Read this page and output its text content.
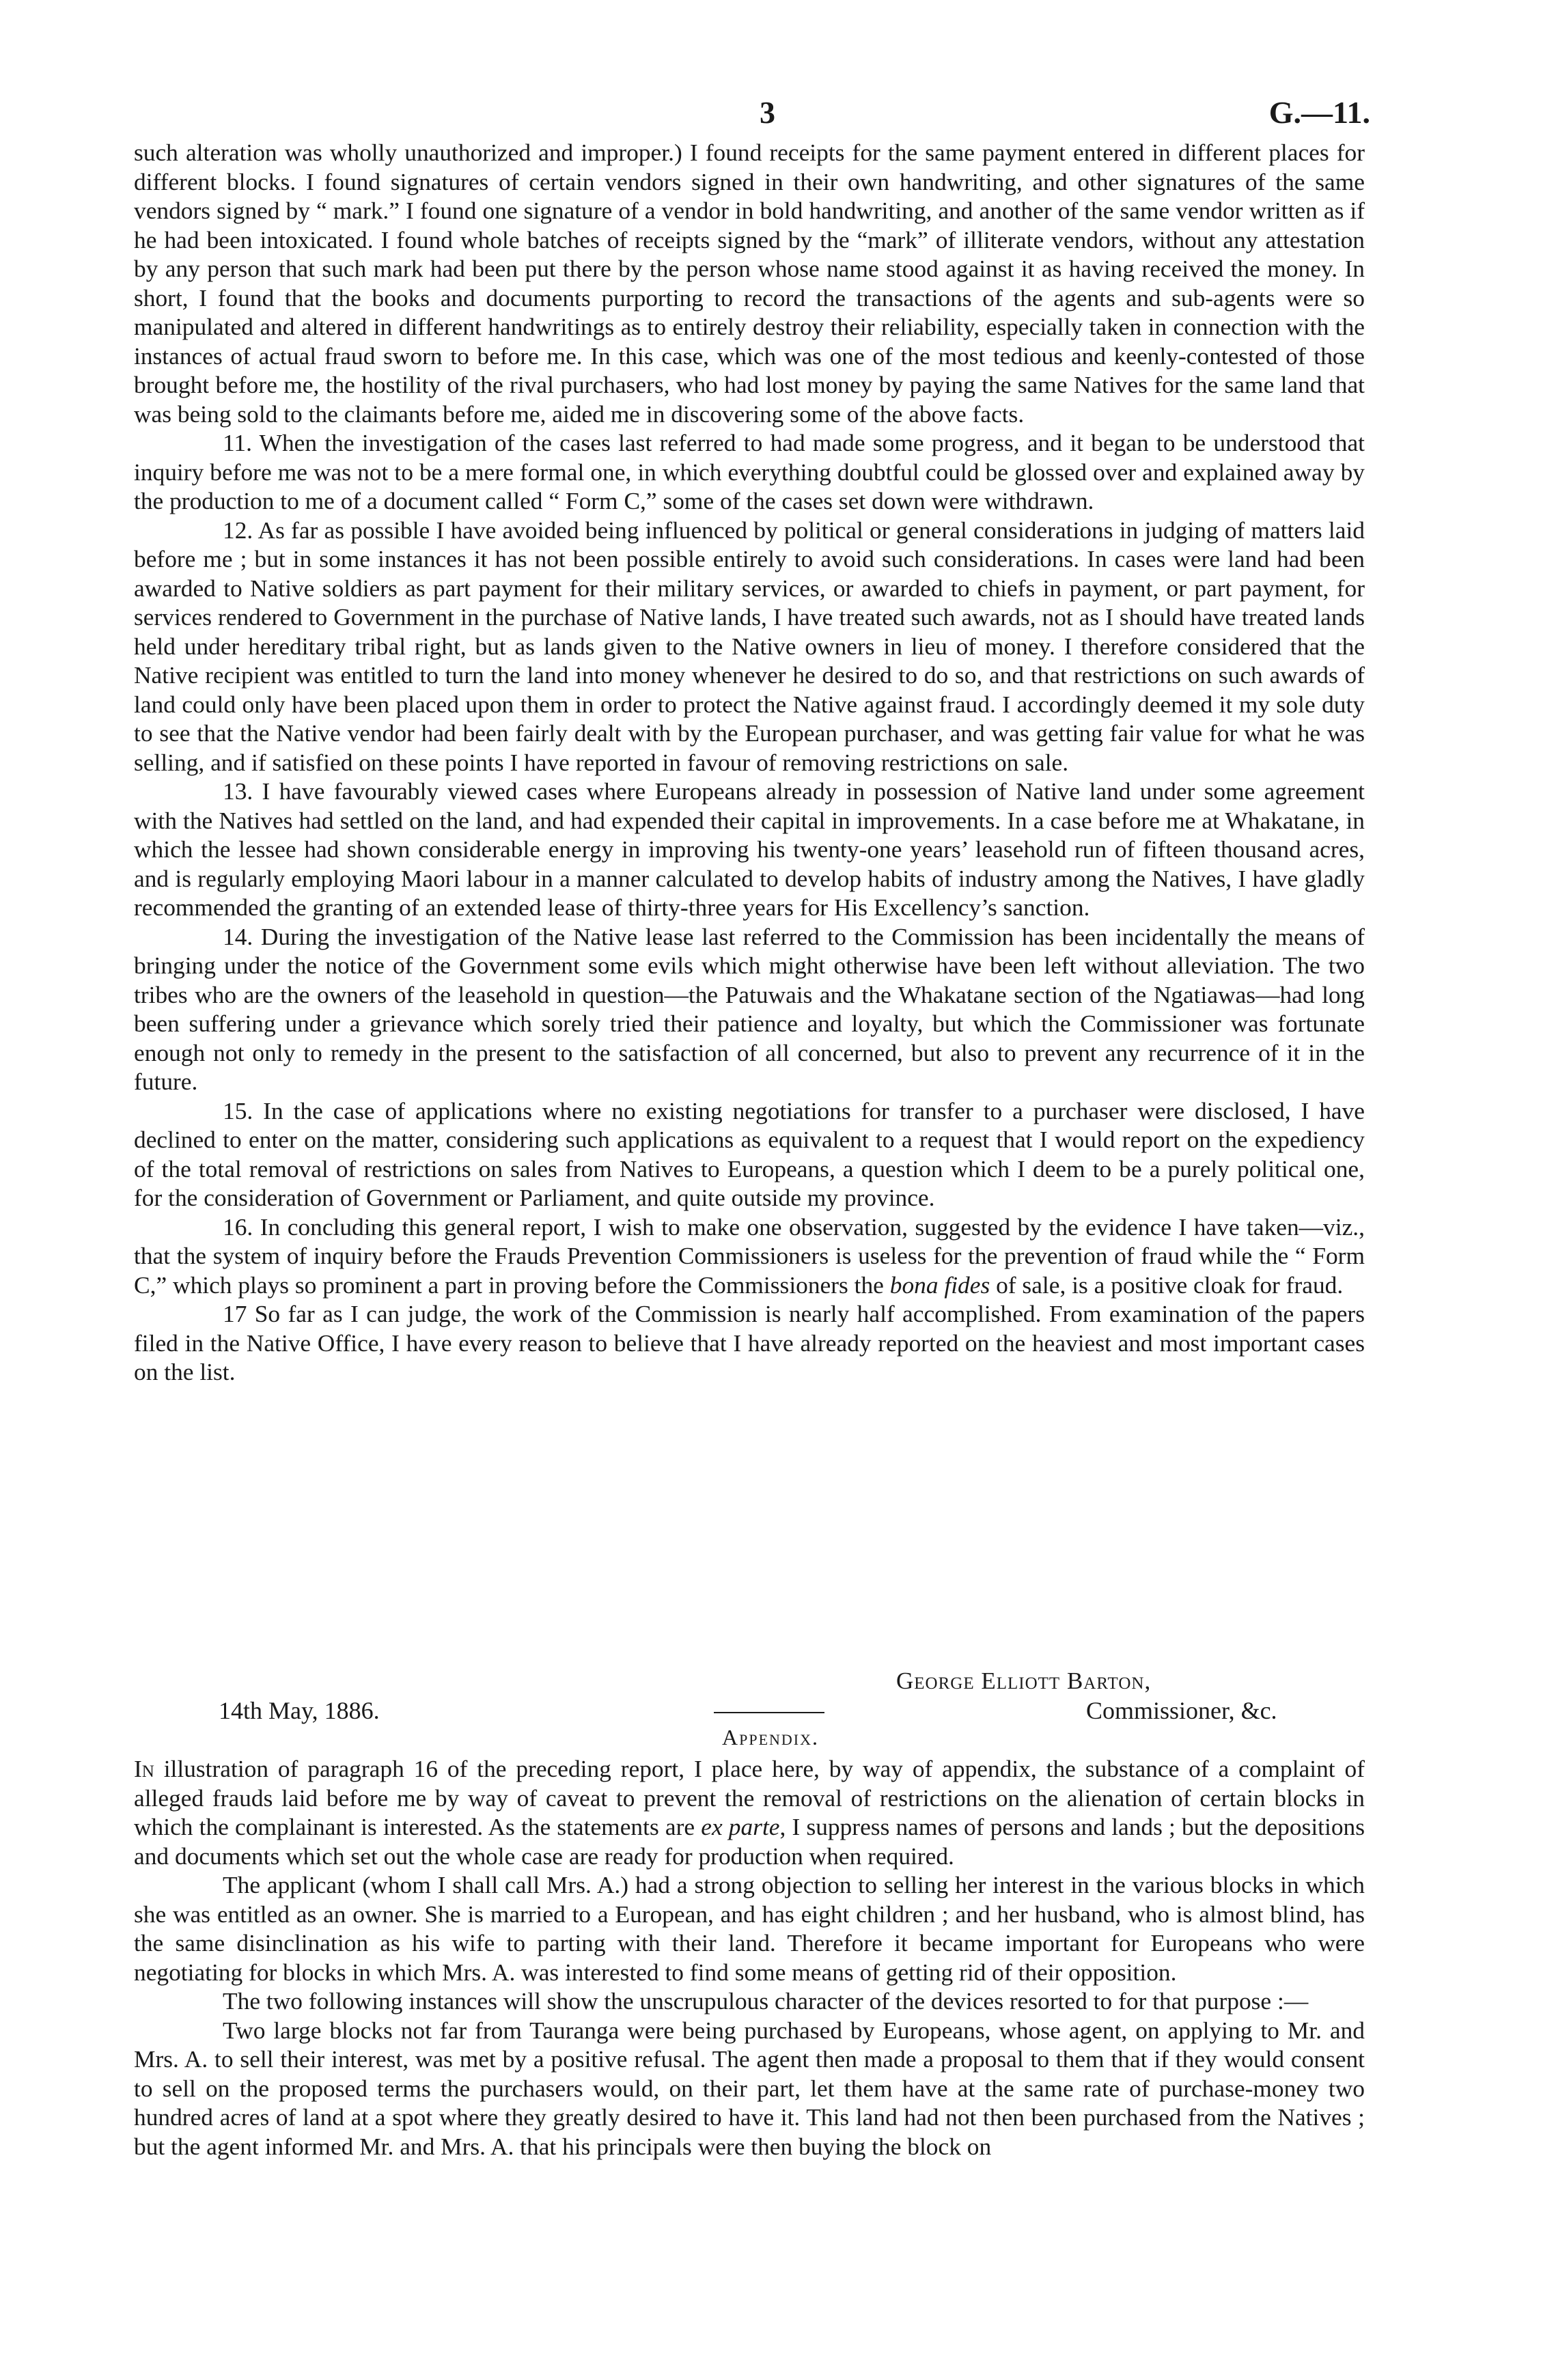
3	G.—11.

such alteration was wholly unauthorized and improper.) I found receipts for the same payment entered in different places for different blocks. I found signatures of certain vendors signed in their own handwriting, and other signatures of the same vendors signed by “ mark.” I found one signature of a vendor in bold handwriting, and another of the same vendor written as if he had been intoxicated. I found whole batches of receipts signed by the “mark” of illiterate vendors, without any attestation by any person that such mark had been put there by the person whose name stood against it as having received the money. In short, I found that the books and documents purporting to record the transactions of the agents and sub-agents were so manipulated and altered in different handwritings as to entirely destroy their reliability, especially taken in connection with the instances of actual fraud sworn to before me. In this case, which was one of the most tedious and keenly-contested of those brought before me, the hostility of the rival purchasers, who had lost money by paying the same Natives for the same land that was being sold to the claimants before me, aided me in discovering some of the above facts.

11. When the investigation of the cases last referred to had made some progress, and it began to be understood that inquiry before me was not to be a mere formal one, in which everything doubtful could be glossed over and explained away by the production to me of a document called “ Form C,” some of the cases set down were withdrawn.

12. As far as possible I have avoided being influenced by political or general considerations in judging of matters laid before me ; but in some instances it has not been possible entirely to avoid such considerations. In cases were land had been awarded to Native soldiers as part payment for their military services, or awarded to chiefs in payment, or part payment, for services rendered to Government in the purchase of Native lands, I have treated such awards, not as I should have treated lands held under hereditary tribal right, but as lands given to the Native owners in lieu of money. I therefore considered that the Native recipient was entitled to turn the land into money whenever he desired to do so, and that restrictions on such awards of land could only have been placed upon them in order to protect the Native against fraud. I accordingly deemed it my sole duty to see that the Native vendor had been fairly dealt with by the European purchaser, and was getting fair value for what he was selling, and if satisfied on these points I have reported in favour of removing restrictions on sale.

13. I have favourably viewed cases where Europeans already in possession of Native land under some agreement with the Natives had settled on the land, and had expended their capital in improvements. In a case before me at Whakatane, in which the lessee had shown considerable energy in improving his twenty-one years’ leasehold run of fifteen thousand acres, and is regularly employing Maori labour in a manner calculated to develop habits of industry among the Natives, I have gladly recommended the granting of an extended lease of thirty-three years for His Excellency’s sanction.

14. During the investigation of the Native lease last referred to the Commission has been incidentally the means of bringing under the notice of the Government some evils which might otherwise have been left without alleviation. The two tribes who are the owners of the leasehold in question—the Patuwais and the Whakatane section of the Ngatiawas—had long been suffering under a grievance which sorely tried their patience and loyalty, but which the Commissioner was fortunate enough not only to remedy in the present to the satisfaction of all concerned, but also to prevent any recurrence of it in the future.

15. In the case of applications where no existing negotiations for transfer to a purchaser were disclosed, I have declined to enter on the matter, considering such applications as equivalent to a request that I would report on the expediency of the total removal of restrictions on sales from Natives to Europeans, a question which I deem to be a purely political one, for the consideration of Government or Parliament, and quite outside my province.

16. In concluding this general report, I wish to make one observation, suggested by the evidence I have taken—viz., that the system of inquiry before the Frauds Prevention Commissioners is useless for the prevention of fraud while the “ Form C,” which plays so prominent a part in proving before the Commissioners the bona fides of sale, is a positive cloak for fraud.

17 So far as I can judge, the work of the Commission is nearly half accomplished. From examination of the papers filed in the Native Office, I have every reason to believe that I have already reported on the heaviest and most important cases on the list.

George Elliott Barton,
14th May, 1886.	Commissioner, &c.
Appendix.

In illustration of paragraph 16 of the preceding report, I place here, by way of appendix, the substance of a complaint of alleged frauds laid before me by way of caveat to prevent the removal of restrictions on the alienation of certain blocks in which the complainant is interested. As the statements are ex parte, I suppress names of persons and lands ; but the depositions and documents which set out the whole case are ready for production when required.

The applicant (whom I shall call Mrs. A.) had a strong objection to selling her interest in the various blocks in which she was entitled as an owner. She is married to a European, and has eight children ; and her husband, who is almost blind, has the same disinclination as his wife to parting with their land. Therefore it became important for Europeans who were negotiating for blocks in which Mrs. A. was interested to find some means of getting rid of their opposition.

The two following instances will show the unscrupulous character of the devices resorted to for that purpose :—

Two large blocks not far from Tauranga were being purchased by Europeans, whose agent, on applying to Mr. and Mrs. A. to sell their interest, was met by a positive refusal. The agent then made a proposal to them that if they would consent to sell on the proposed terms the purchasers would, on their part, let them have at the same rate of purchase-money two hundred acres of land at a spot where they greatly desired to have it. This land had not then been purchased from the Natives ; but the agent informed Mr. and Mrs. A. that his principals were then buying the block on
